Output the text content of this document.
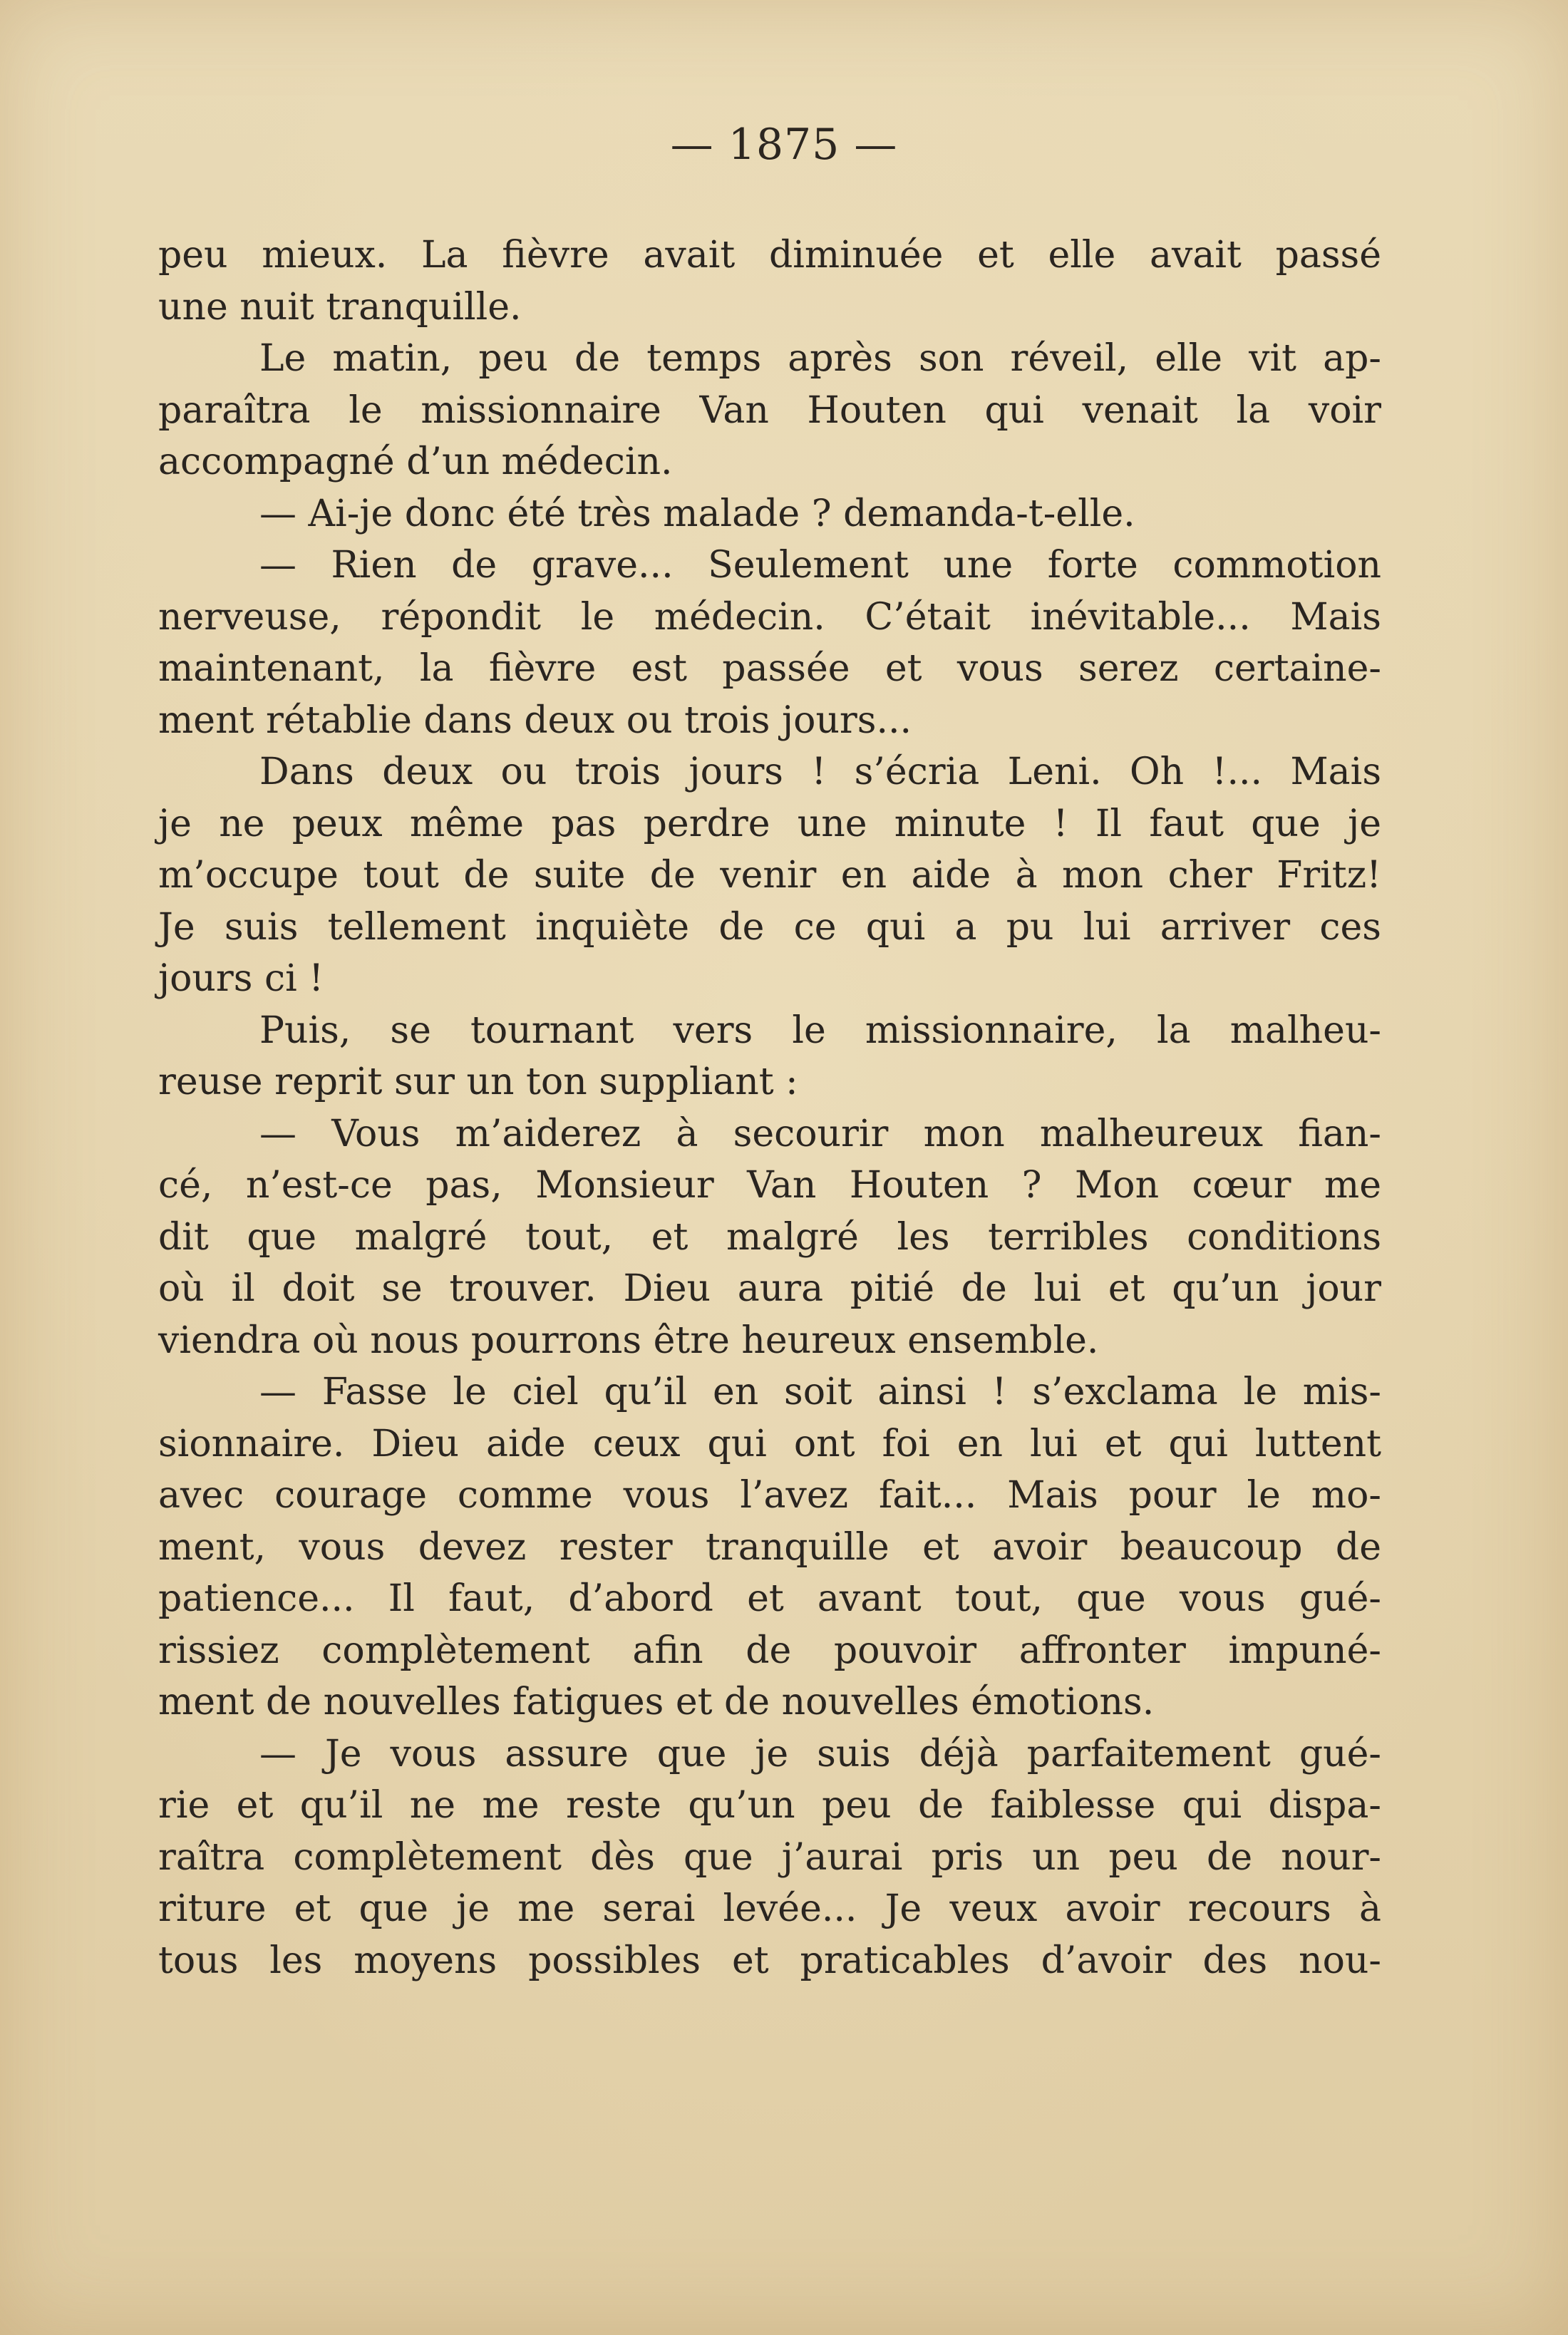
— 1875 —
peu mieux. La fièvre avait diminuée et elle avait passé
une nuit tranquille.
Le matin, peu de temps après son réveil, elle vit ap-
paraîtra le missionnaire Van Houten qui venait la voir
accompagné d’un médecin.
— Ai-je donc été très malade ? demanda-t-elle.
— Rien de grave... Seulement une forte commotion
nerveuse, répondit le médecin. C’était inévitable... Mais
maintenant, la fièvre est passée et vous serez certaine-
ment rétablie dans deux ou trois jours...
Dans deux ou trois jours ! s’écria Leni. Oh !... Mais
je ne peux même pas perdre une minute ! Il faut que je
m’occupe tout de suite de venir en aide à mon cher Fritz!
Je suis tellement inquiète de ce qui a pu lui arriver ces
jours ci !
Puis, se tournant vers le missionnaire, la malheu-
reuse reprit sur un ton suppliant :
— Vous m’aiderez à secourir mon malheureux fian-
cé, n’est-ce pas, Monsieur Van Houten ? Mon cœur me
dit que malgré tout, et malgré les terribles conditions
où il doit se trouver. Dieu aura pitié de lui et qu’un jour
viendra où nous pourrons être heureux ensemble.
— Fasse le ciel qu’il en soit ainsi ! s’exclama le mis-
sionnaire. Dieu aide ceux qui ont foi en lui et qui luttent
avec courage comme vous l’avez fait... Mais pour le mo-
ment, vous devez rester tranquille et avoir beaucoup de
patience... Il faut, d’abord et avant tout, que vous gué-
rissiez complètement afin de pouvoir affronter impuné-
ment de nouvelles fatigues et de nouvelles émotions.
— Je vous assure que je suis déjà parfaitement gué-
rie et qu’il ne me reste qu’un peu de faiblesse qui dispa-
raîtra complètement dès que j’aurai pris un peu de nour-
riture et que je me serai levée... Je veux avoir recours à
tous les moyens possibles et praticables d’avoir des nou-
